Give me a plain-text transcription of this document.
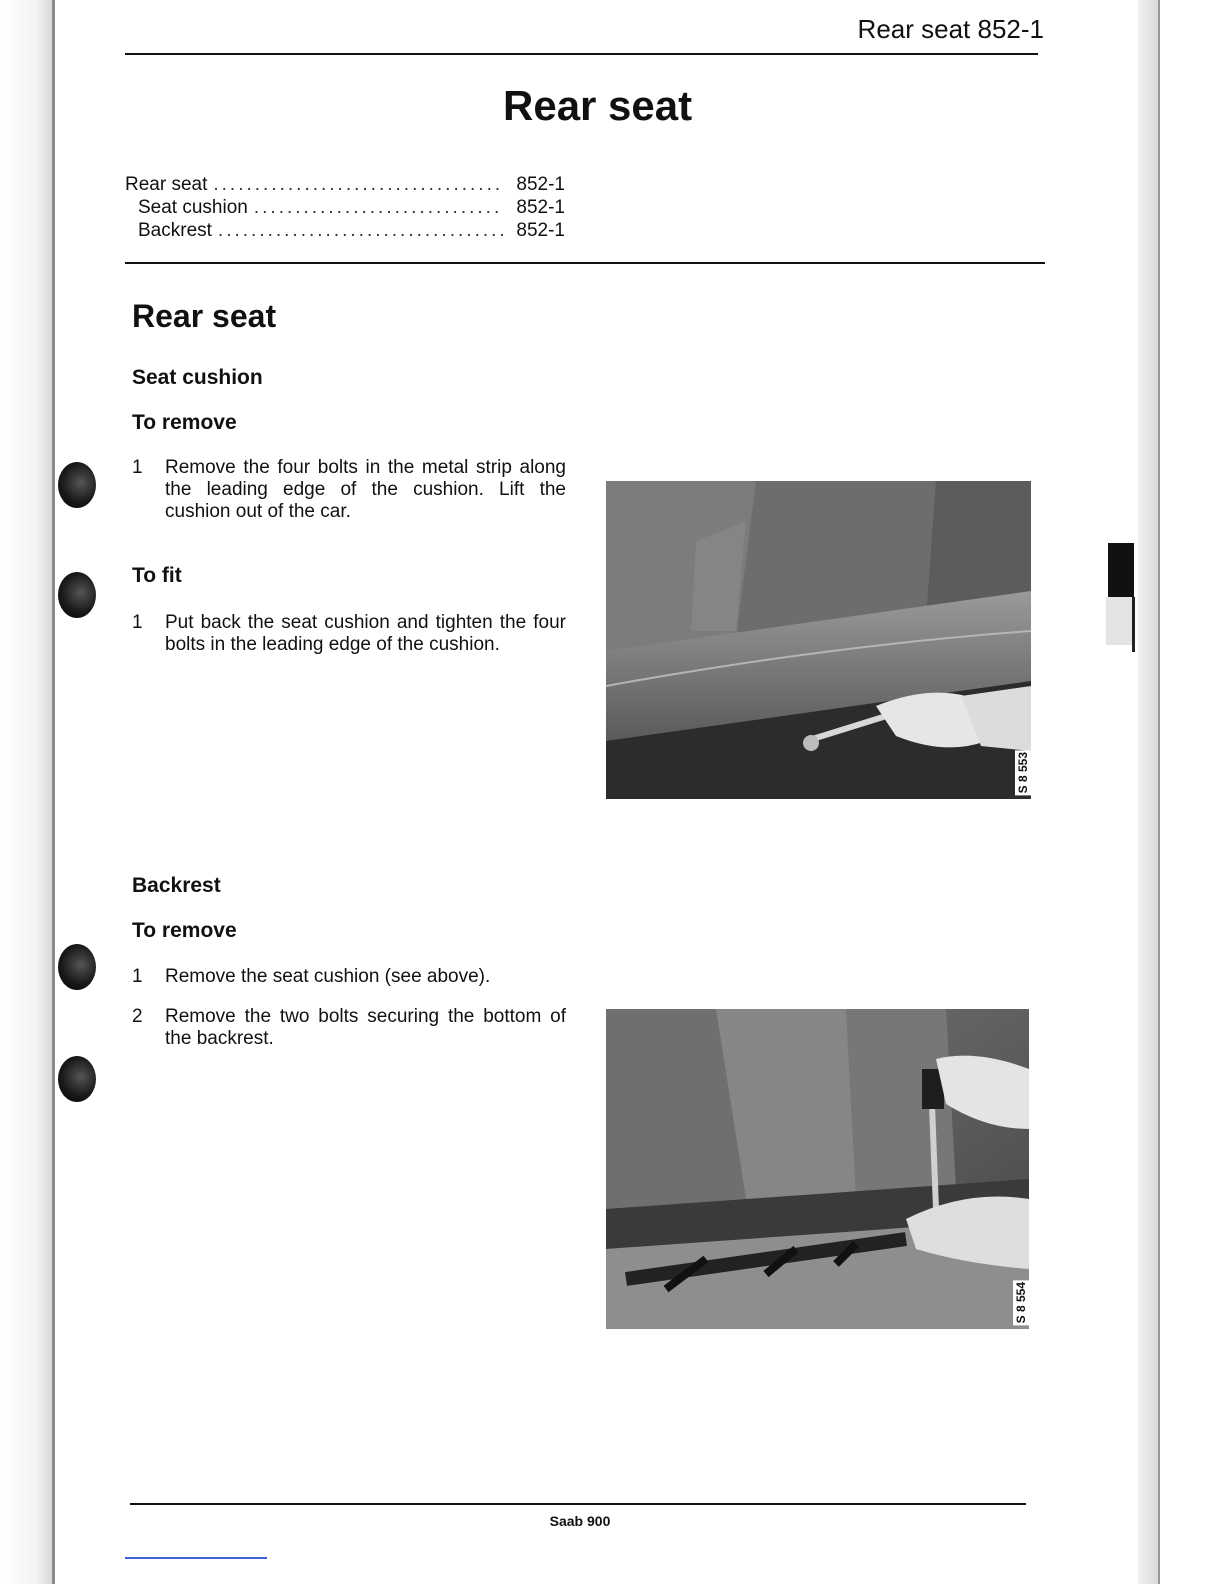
Rear seat 852-1
Rear seat
Rear seat .....	852-1
Seat cushion .....	852-1
Backrest .....	852-1
Rear seat
Seat cushion
To remove
1	Remove the four bolts in the metal strip along the leading edge of the cushion. Lift the cushion out of the car.
To fit
1	Put back the seat cushion and tighten the four bolts in the leading edge of the cushion.
Backrest
To remove
1	Remove the seat cushion (see above).
2	Remove the two bolts securing the bottom of the backrest.
S 8 553
S 8 554
Saab 900
